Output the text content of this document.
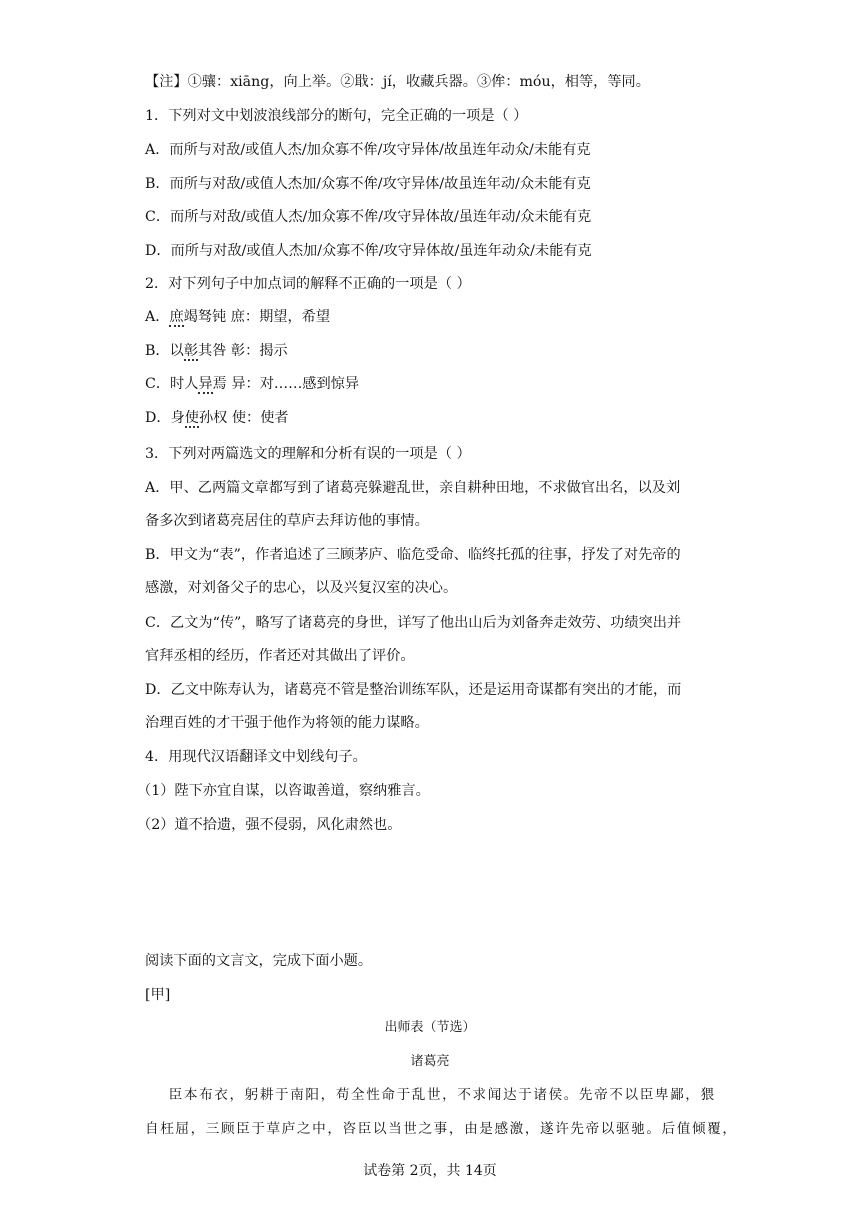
【注】①骧：xiāng，向上举。②戢：jí，收藏兵器。③侔：móu，相等，等同。
1．下列对文中划波浪线部分的断句，完全正确的一项是（ ）
A．而所与对敌/或值人杰/加众寡不侔/攻守异体/故虽连年动众/未能有克
B．而所与对敌/或值人杰加/众寡不侔/攻守异体/故虽连年动/众未能有克
C．而所与对敌/或值人杰/加众寡不侔/攻守异体故/虽连年动/众未能有克
D．而所与对敌/或值人杰加/众寡不侔/攻守异体故/虽连年动众/未能有克
2．对下列句子中加点词的解释不正确的一项是（ ）
A．庶竭驽钝 庶：期望，希望
B．以彰其咎 彰：揭示
C．时人异焉 异：对……感到惊异
D．身使孙权 使：使者
3．下列对两篇选文的理解和分析有误的一项是（ ）
A．甲、乙两篇文章都写到了诸葛亮躲避乱世，亲自耕种田地，不求做官出名，以及刘
备多次到诸葛亮居住的草庐去拜访他的事情。
B．甲文为“表”，作者追述了三顾茅庐、临危受命、临终托孤的往事，抒发了对先帝的
感激，对刘备父子的忠心，以及兴复汉室的决心。
C．乙文为“传”，略写了诸葛亮的身世，详写了他出山后为刘备奔走效劳、功绩突出并
官拜丞相的经历，作者还对其做出了评价。
D．乙文中陈寿认为，诸葛亮不管是整治训练军队，还是运用奇谋都有突出的才能，而
治理百姓的才干强于他作为将领的能力谋略。
4．用现代汉语翻译文中划线句子。
（1）陛下亦宜自谋，以咨诹善道，察纳雅言。
（2）道不拾遗，强不侵弱，风化肃然也。
阅读下面的文言文，完成下面小题。
[甲]
出师表（节选）
诸葛亮
臣本布衣，躬耕于南阳，苟全性命于乱世，不求闻达于诸侯。先帝不以臣卑鄙，猥
自枉屈，三顾臣于草庐之中，咨臣以当世之事，由是感激，遂许先帝以驱驰。后值倾覆，
试卷第 2页，共 14页
